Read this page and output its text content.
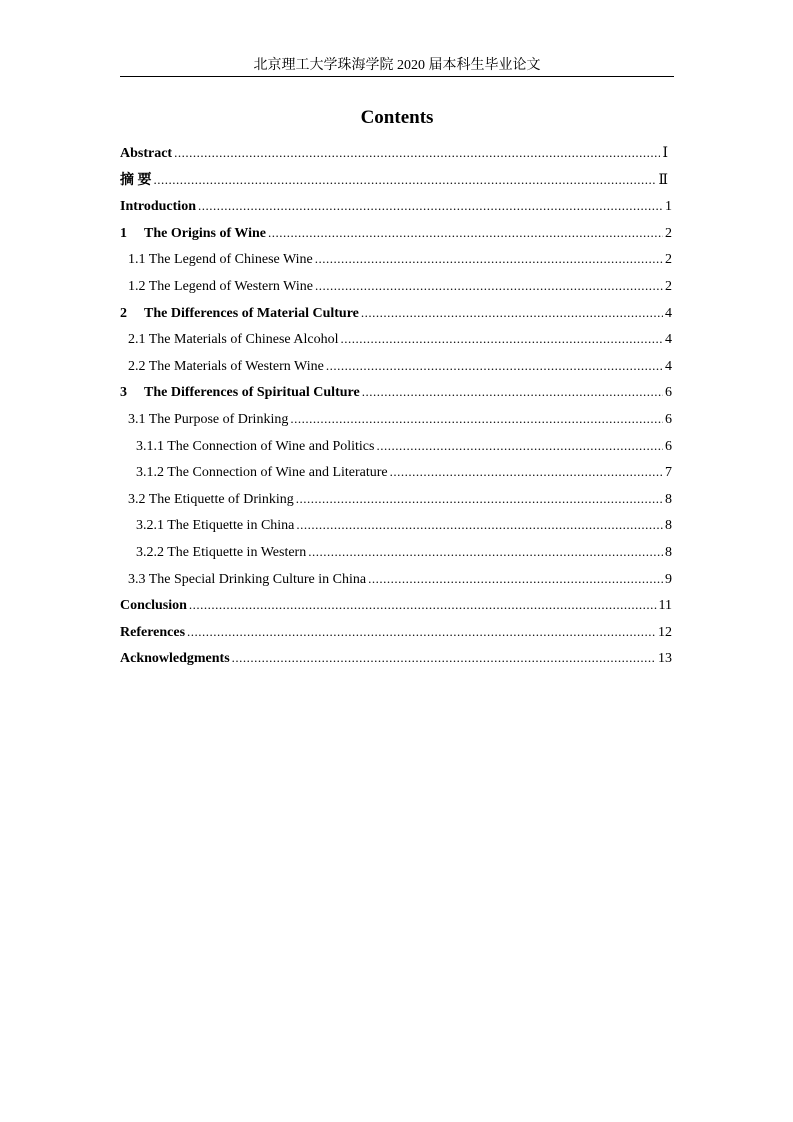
北京理工大学珠海学院 2020 届本科生毕业论文
Contents
Abstract .....	Ⅰ
摘 要 .....	Ⅱ
Introduction .....	1
1	The Origins of Wine .....	2
1.1 The Legend of Chinese Wine .....	2
1.2 The Legend of Western Wine .....	2
2	The Differences of Material Culture .....	4
2.1 The Materials of Chinese Alcohol .....	4
2.2 The Materials of Western Wine .....	4
3	The Differences of Spiritual Culture .....	6
3.1 The Purpose of Drinking .....	6
3.1.1 The Connection of Wine and Politics .....	6
3.1.2 The Connection of Wine and Literature .....	7
3.2 The Etiquette of Drinking .....	8
3.2.1 The Etiquette in China .....	8
3.2.2 The Etiquette in Western .....	8
3.3 The Special Drinking Culture in China .....	9
Conclusion .....	11
References .....	12
Acknowledgments .....	13
